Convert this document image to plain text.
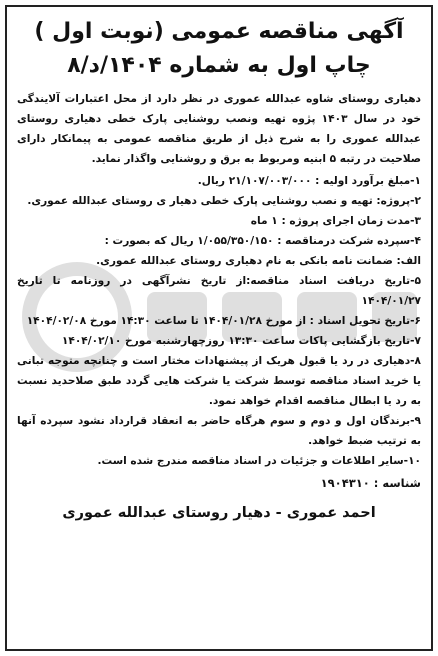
آگهی مناقصه عمومی (نوبت اول )
چاپ اول به شماره ۱۴۰۴/د/۸

دهیاری روستای شاوه عبدالله عموری در نظر دارد از محل اعتبارات آلایندگی خود در سال ۱۴۰۳ پژوه تهیه ونصب روشنایی پارک خطی دهیاری روستای عبدالله عموری را به شرح ذیل از طریق مناقصه عمومی به پیمانکار دارای صلاحیت در رتبه ۵ ابنیه ومربوط به برق و روشنایی واگذار نماید.

۱-مبلغ برآورد اولیه : ۲۱/۱۰۷/۰۰۳/۰۰۰ ریال.
۲-پروژه: تهیه و نصب روشنایی پارک خطی دهیار ی روستای عبدالله عموری.
۳-مدت زمان اجرای پروژه : ۱ ماه
۴-سپرده شرکت درمناقصه : ۱/۰۵۵/۳۵۰/۱۵۰ ریال که بصورت :
الف: ضمانت نامه بانکی به نام دهیاری روستای عبدالله عموری.
۵-تاریخ دریافت اسناد مناقصه:از تاریخ نشرآگهی در روزنامه تا تاریخ ۱۴۰۴/۰۱/۲۷
۶-تاریخ تحویل اسناد : از مورخ ۱۴۰۴/۰۱/۲۸ تا ساعت ۱۴:۳۰ مورخ ۱۴۰۴/۰۲/۰۸
۷-تاریخ بازگشایی پاکات ساعت ۱۳:۳۰ روزچهارشنبه مورخ ۱۴۰۴/۰۲/۱۰
۸-دهیاری در رد یا قبول هریک از پیشنهادات مختار است و چنانچه متوجه تبانی یا خرید اسناد مناقصه توسط شرکت یا شرکت هایی گردد طبق صلاحدید نسبت به رد یا ابطال مناقصه اقدام خواهد نمود.
۹-برندگان اول و دوم و سوم هرگاه حاضر به انعقاد قرارداد نشود سپرده آنها به ترتیب ضبط خواهد.
۱۰-سایر اطلاعات و جزئیات در اسناد مناقصه مندرج شده است.
شناسه : ۱۹۰۴۳۱۰
احمد عموری - دهیار روستای عبدالله عموری
